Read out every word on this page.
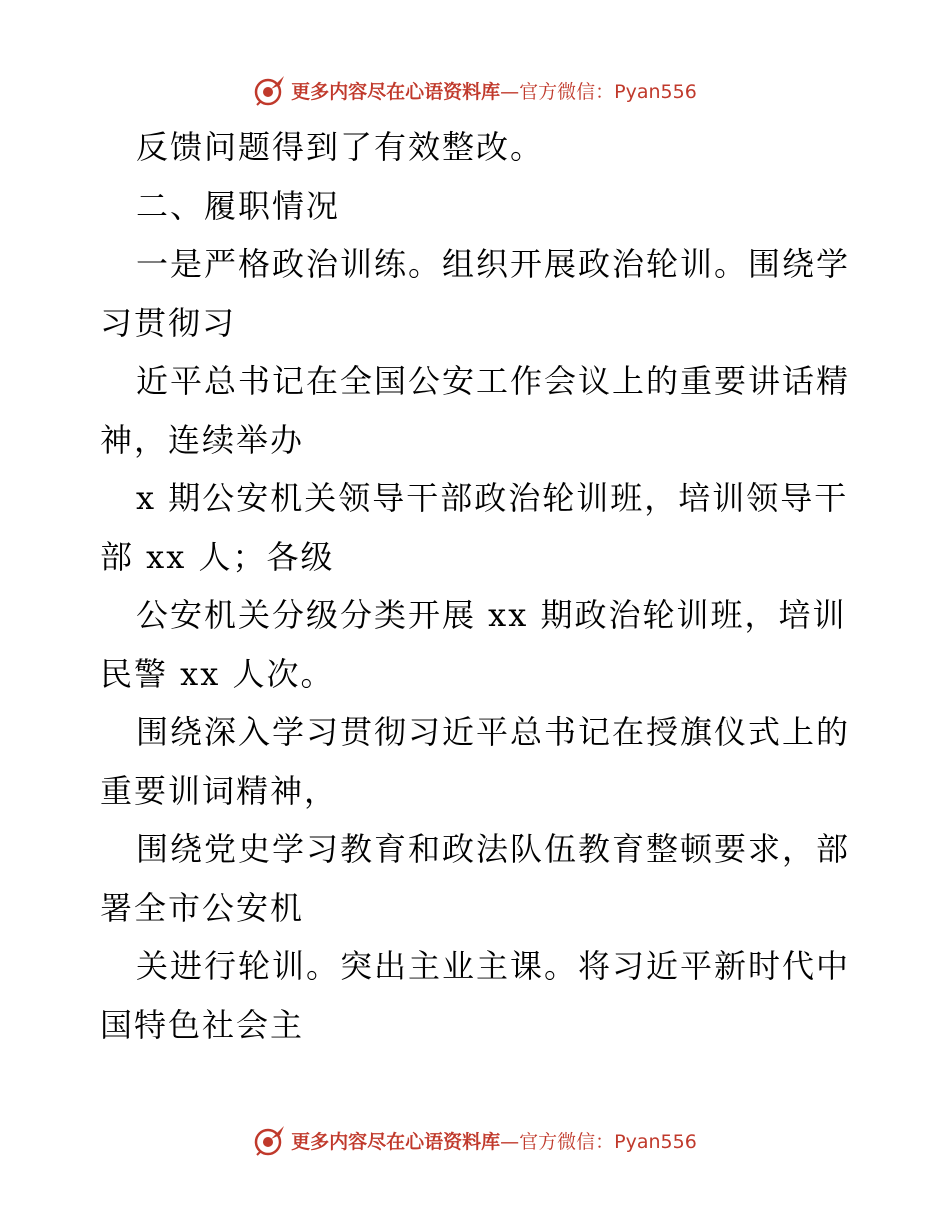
更多内容尽在心语资料库 —官方微信：Pyan556
反馈问题得到了有效整改。
二、履职情况
一是严格政治训练。组织开展政治轮训。围绕学
习贯彻习
近平总书记在全国公安工作会议上的重要讲话精
神，连续举办
x 期公安机关领导干部政治轮训班，培训领导干
部 xx 人；各级
公安机关分级分类开展 xx 期政治轮训班，培训
民警 xx 人次。
围绕深入学习贯彻习近平总书记在授旗仪式上的
重要训词精神，
围绕党史学习教育和政法队伍教育整顿要求，部
署全市公安机
关进行轮训。突出主业主课。将习近平新时代中
国特色社会主
更多内容尽在心语资料库 —官方微信：Pyan556
